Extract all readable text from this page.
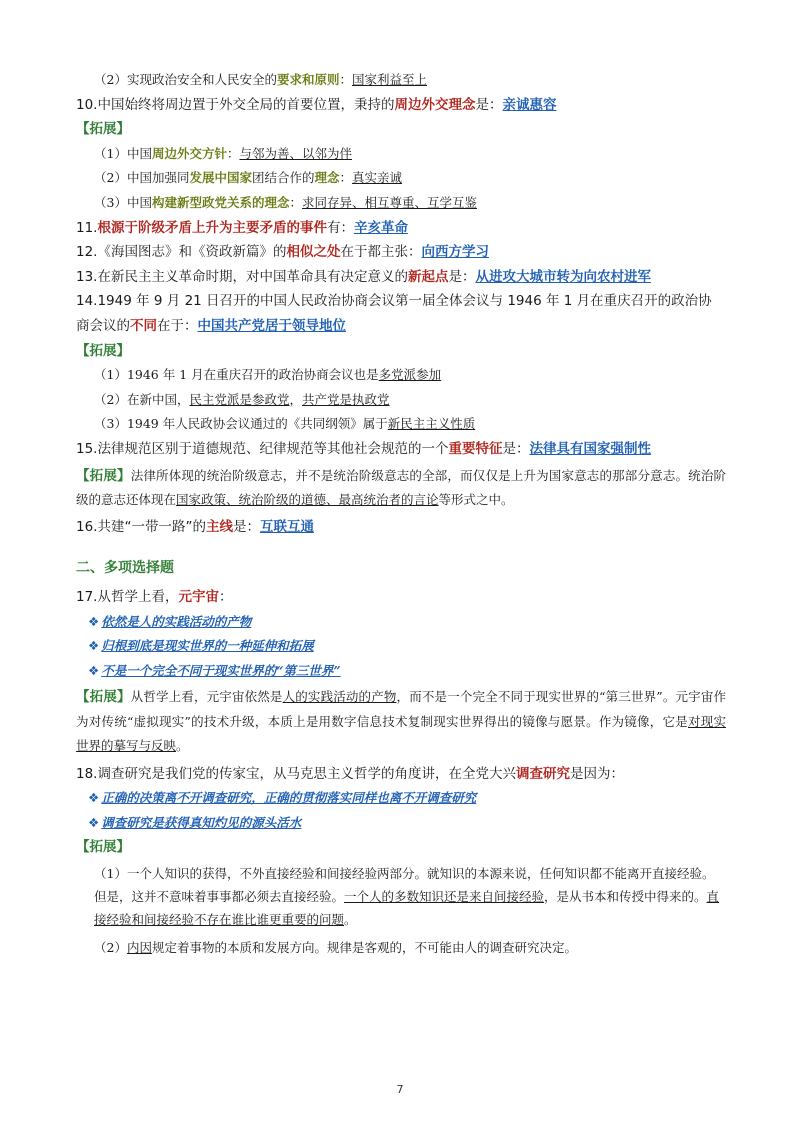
（2）实现政治安全和人民安全的要求和原则：国家利益至上
10.中国始终将周边置于外交全局的首要位置，秉持的周边外交理念是：亲诚惠容
【拓展】
（1）中国周边外交方针：与邻为善、以邻为伴
（2）中国加强同发展中国家团结合作的理念：真实亲诚
（3）中国构建新型政党关系的理念：求同存异、相互尊重、互学互鉴
11.根源于阶级矛盾上升为主要矛盾的事件有：辛亥革命
12.《海国图志》和《资政新篇》的相似之处在于都主张：向西方学习
13.在新民主主义革命时期，对中国革命具有决定意义的新起点是：从进攻大城市转为向农村进军
14.1949 年 9 月 21 日召开的中国人民政治协商会议第一届全体会议与 1946 年 1 月在重庆召开的政治协
商会议的不同在于：中国共产党居于领导地位
【拓展】
（1）1946 年 1 月在重庆召开的政治协商会议也是多党派参加
（2）在新中国，民主党派是参政党，共产党是执政党
（3）1949 年人民政协会议通过的《共同纲领》属于新民主主义性质
15.法律规范区别于道德规范、纪律规范等其他社会规范的一个重要特征是：法律具有国家强制性
【拓展】法律所体现的统治阶级意志，并不是统治阶级意志的全部，而仅仅是上升为国家意志的那部分意志。统治阶级的意志还体现在国家政策、统治阶级的道德、最高统治者的言论等形式之中。
16.共建“一带一路”的主线是：互联互通
二、多项选择题
17.从哲学上看，元宇宙：
❖ 依然是人的实践活动的产物
❖ 归根到底是现实世界的一种延伸和拓展
❖ 不是一个完全不同于现实世界的“第三世界”
【拓展】从哲学上看，元宇宙依然是人的实践活动的产物，而不是一个完全不同于现实世界的“第三世界”。元宇宙作为对传统“虚拟现实”的技术升级，本质上是用数字信息技术复制现实世界得出的镜像与愿景。作为镜像，它是对现实世界的摹写与反映。
18.调查研究是我们党的传家宝，从马克思主义哲学的角度讲，在全党大兴调查研究是因为：
❖ 正确的决策离不开调查研究，正确的贯彻落实同样也离不开调查研究
❖ 调查研究是获得真知灼见的源头活水
【拓展】
（1）一个人知识的获得，不外直接经验和间接经验两部分。就知识的本源来说，任何知识都不能离开直接经验。但是，这并不意味着事事都必须去直接经验。一个人的多数知识还是来自间接经验，是从书本和传授中得来的。直接经验和间接经验不存在谁比谁更重要的问题。
（2）内因规定着事物的本质和发展方向。规律是客观的，不可能由人的调查研究决定。
7
